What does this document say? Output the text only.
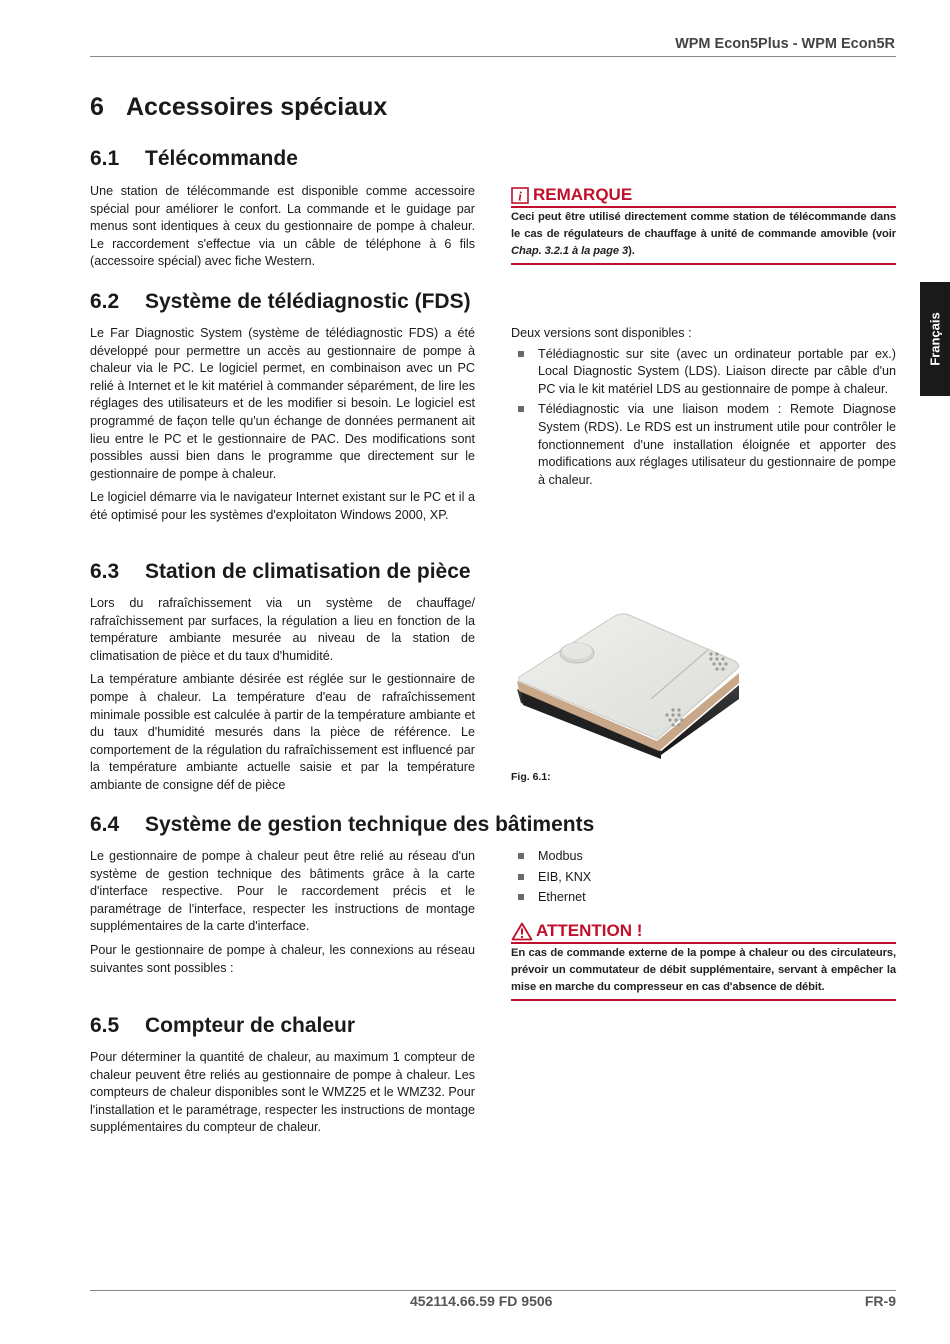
WPM Econ5Plus - WPM Econ5R
Français
6 Accessoires spéciaux
6.1 Télécommande

Une station de télécommande est disponible comme accessoire spécial pour améliorer le confort. La commande et le guidage par menus sont identiques à ceux du gestionnaire de pompe à chaleur. Le raccordement s'effectue via un câble de téléphone à 6 fils (accessoire spécial) avec fiche Western.

i REMARQUE
Ceci peut être utilisé directement comme station de télécommande dans le cas de régulateurs de chauffage à unité de commande amovible (voir Chap. 3.2.1 à la page 3).
6.2 Système de télédiagnostic (FDS)

Le Far Diagnostic System (système de télédiagnostic FDS) a été développé pour permettre un accès au gestionnaire de pompe à chaleur via le PC. Le logiciel permet, en combinaison avec un PC relié à Internet et le kit matériel à commander séparément, de lire les réglages des utilisateurs et de les modifier si besoin. Le logiciel est programmé de façon telle qu'un échange de données permanent ait lieu entre le PC et le gestionnaire de PAC. Des modifications sont possibles aussi bien dans le programme que directement sur le gestionnaire de pompe à chaleur.

Le logiciel démarre via le navigateur Internet existant sur le PC et il a été optimisé pour les systèmes d'exploitaton Windows 2000, XP.

Deux versions sont disponibles :

Télédiagnostic sur site (avec un ordinateur portable par ex.) Local Diagnostic System (LDS). Liaison directe par câble d'un PC via le kit matériel LDS au gestionnaire de pompe à chaleur.
Télédiagnostic via une liaison modem : Remote Diagnose System (RDS). Le RDS est un instrument utile pour contrôler le fonctionnement d'une installation éloignée et apporter des modifications aux réglages utilisateur du gestionnaire de pompe à chaleur.
6.3 Station de climatisation de pièce

Lors du rafraîchissement via un système de chauffage/ rafraîchissement par surfaces, la régulation a lieu en fonction de la température ambiante mesurée au niveau de la station de climatisation de pièce et du taux d'humidité.

La température ambiante désirée est réglée sur le gestionnaire de pompe à chaleur. La température d'eau de rafraîchissement minimale possible est calculée à partir de la température ambiante et du taux d'humidité mesurés dans la pièce de référence. Le comportement de la régulation du rafraîchissement est influencé par la température ambiante actuelle saisie et par la température ambiante de consigne déf de pièce

Fig. 6.1:
6.4 Système de gestion technique des bâtiments

Le gestionnaire de pompe à chaleur peut être relié au réseau d'un système de gestion technique des bâtiments grâce à la carte d'interface respective. Pour le raccordement précis et le paramétrage de l'interface, respecter les instructions de montage supplémentaires de la carte d'interface.

Pour le gestionnaire de pompe à chaleur, les connexions au réseau suivantes sont possibles :

Modbus
EIB, KNX
Ethernet
ATTENTION !
En cas de commande externe de la pompe à chaleur ou des circulateurs, prévoir un commutateur de débit supplémentaire, servant à empêcher la mise en marche du compresseur en cas d'absence de débit.
6.5 Compteur de chaleur

Pour déterminer la quantité de chaleur, au maximum 1 compteur de chaleur peuvent être reliés au gestionnaire de pompe à chaleur. Les compteurs de chaleur disponibles sont le WMZ25 et le WMZ32. Pour l'installation et le paramétrage, respecter les instructions de montage supplémentaires du compteur de chaleur.

452114.66.59 FD 9506	FR-9
